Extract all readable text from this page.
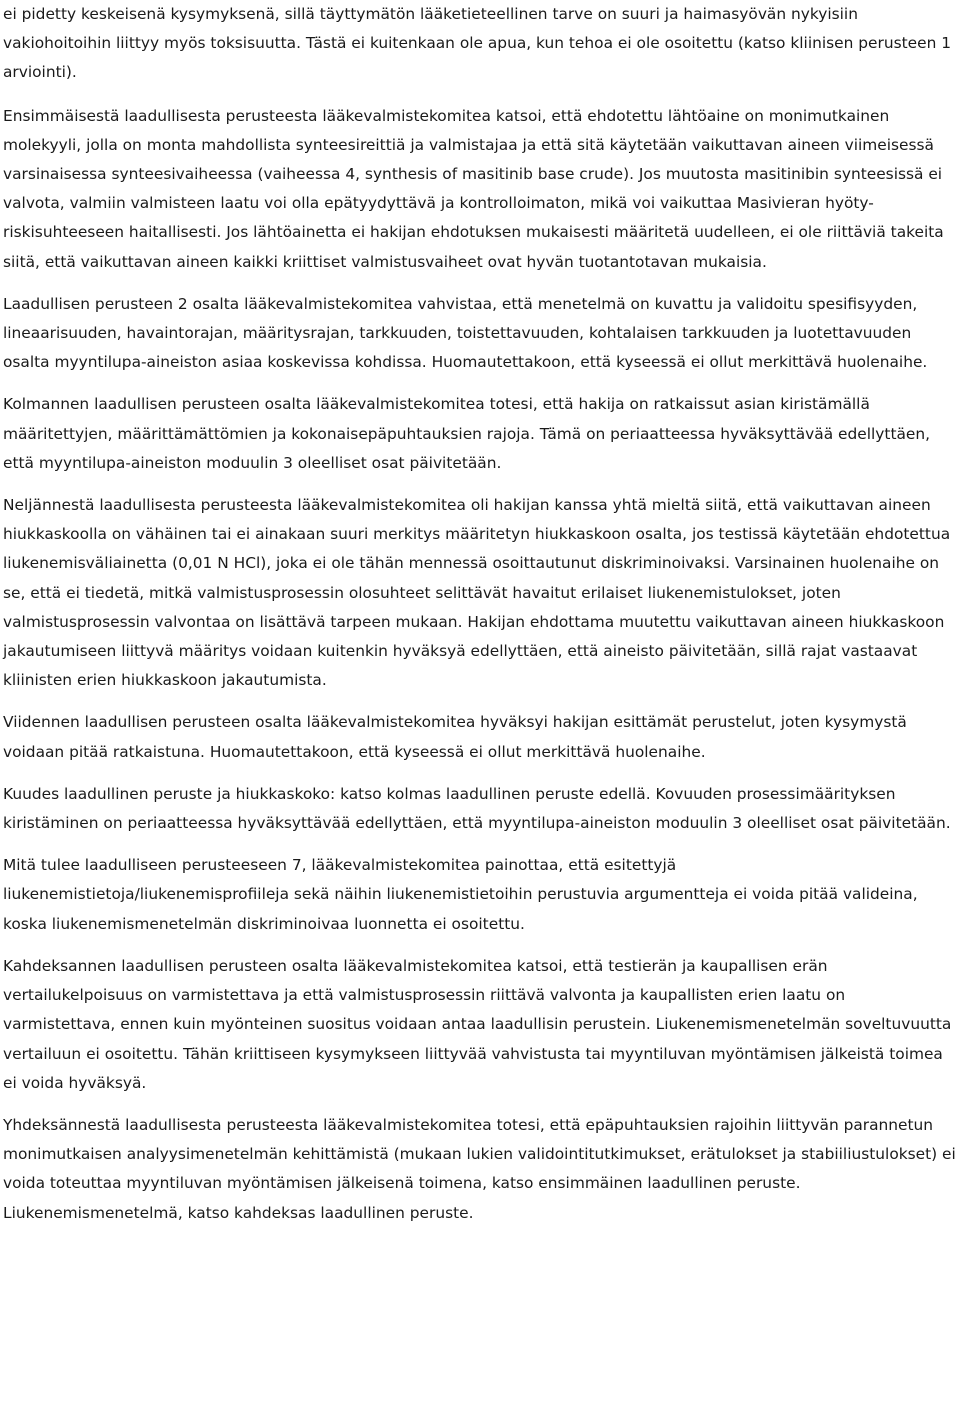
ei pidetty keskeisenä kysymyksenä, sillä täyttymätön lääketieteellinen tarve on suuri ja haimasyövän nykyisiin vakiohoitoihin liittyy myös toksisuutta. Tästä ei kuitenkaan ole apua, kun tehoa ei ole osoitettu (katso kliinisen perusteen 1 arviointi).

Ensimmäisestä laadullisesta perusteesta lääkevalmistekomitea katsoi, että ehdotettu lähtöaine on monimutkainen molekyyli, jolla on monta mahdollista synteesireittiä ja valmistajaa ja että sitä käytetään vaikuttavan aineen viimeisessä varsinaisessa synteesivaiheessa (vaiheessa 4, synthesis of masitinib base crude). Jos muutosta masitinibin synteesissä ei valvota, valmiin valmisteen laatu voi olla epätyydyttävä ja kontrolloimaton, mikä voi vaikuttaa Masivieran hyöty-riskisuhteeseen haitallisesti. Jos lähtöainetta ei hakijan ehdotuksen mukaisesti määritetä uudelleen, ei ole riittäviä takeita siitä, että vaikuttavan aineen kaikki kriittiset valmistusvaiheet ovat hyvän tuotantotavan mukaisia.

Laadullisen perusteen 2 osalta lääkevalmistekomitea vahvistaa, että menetelmä on kuvattu ja validoitu spesifisyyden, lineaarisuuden, havaintorajan, määritysrajan, tarkkuuden, toistettavuuden, kohtalaisen tarkkuuden ja luotettavuuden osalta myyntilupa-aineiston asiaa koskevissa kohdissa. Huomautettakoon, että kyseessä ei ollut merkittävä huolenaihe.

Kolmannen laadullisen perusteen osalta lääkevalmistekomitea totesi, että hakija on ratkaissut asian kiristämällä määritettyjen, määrittämättömien ja kokonaisepäpuhtauksien rajoja. Tämä on periaatteessa hyväksyttävää edellyttäen, että myyntilupa-aineiston moduulin 3 oleelliset osat päivitetään.

Neljännestä laadullisesta perusteesta lääkevalmistekomitea oli hakijan kanssa yhtä mieltä siitä, että vaikuttavan aineen hiukkaskoolla on vähäinen tai ei ainakaan suuri merkitys määritetyn hiukkaskoon osalta, jos testissä käytetään ehdotettua liukenemisväliainetta (0,01 N HCl), joka ei ole tähän mennessä osoittautunut diskriminoivaksi. Varsinainen huolenaihe on se, että ei tiedetä, mitkä valmistusprosessin olosuhteet selittävät havaitut erilaiset liukenemistulokset, joten valmistusprosessin valvontaa on lisättävä tarpeen mukaan. Hakijan ehdottama muutettu vaikuttavan aineen hiukkaskoon jakautumiseen liittyvä määritys voidaan kuitenkin hyväksyä edellyttäen, että aineisto päivitetään, sillä rajat vastaavat kliinisten erien hiukkaskoon jakautumista.

Viidennen laadullisen perusteen osalta lääkevalmistekomitea hyväksyi hakijan esittämät perustelut, joten kysymystä voidaan pitää ratkaistuna. Huomautettakoon, että kyseessä ei ollut merkittävä huolenaihe.

Kuudes laadullinen peruste ja hiukkaskoko: katso kolmas laadullinen peruste edellä. Kovuuden prosessimäärityksen kiristäminen on periaatteessa hyväksyttävää edellyttäen, että myyntilupa-aineiston moduulin 3 oleelliset osat päivitetään.

Mitä tulee laadulliseen perusteeseen 7, lääkevalmistekomitea painottaa, että esitettyjä liukenemistietoja/liukenemisprofiileja sekä näihin liukenemistietoihin perustuvia argumentteja ei voida pitää valideina, koska liukenemismenetelmän diskriminoivaa luonnetta ei osoitettu.

Kahdeksannen laadullisen perusteen osalta lääkevalmistekomitea katsoi, että testierän ja kaupallisen erän vertailukelpoisuus on varmistettava ja että valmistusprosessin riittävä valvonta ja kaupallisten erien laatu on varmistettava, ennen kuin myönteinen suositus voidaan antaa laadullisin perustein. Liukenemismenetelmän soveltuvuutta vertailuun ei osoitettu. Tähän kriittiseen kysymykseen liittyvää vahvistusta tai myyntiluvan myöntämisen jälkeistä toimea ei voida hyväksyä.

Yhdeksännestä laadullisesta perusteesta lääkevalmistekomitea totesi, että epäpuhtauksien rajoihin liittyvän parannetun monimutkaisen analyysimenetelmän kehittämistä (mukaan lukien validointitutkimukset, erätulokset ja stabiiliustulokset) ei voida toteuttaa myyntiluvan myöntämisen jälkeisenä toimena, katso ensimmäinen laadullinen peruste. Liukenemismenetelmä, katso kahdeksas laadullinen peruste.
